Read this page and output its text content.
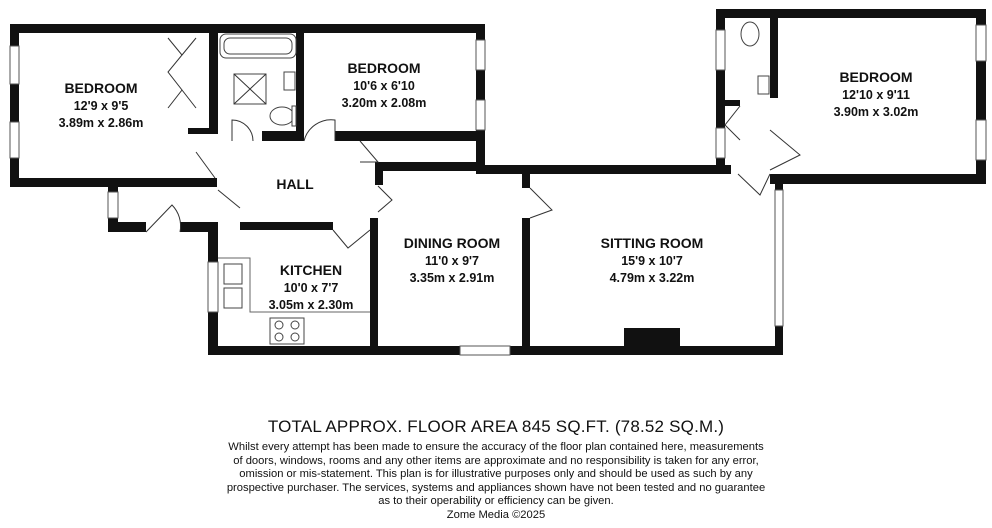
BEDROOM
12'9 x 9'5
3.89m x 2.86m
BEDROOM
10'6 x 6'10
3.20m x 2.08m
BEDROOM
12'10 x 9'11
3.90m x 3.02m
HALL
KITCHEN
10'0 x 7'7
3.05m x 2.30m
DINING ROOM
11'0 x 9'7
3.35m x 2.91m
SITTING ROOM
15'9 x 10'7
4.79m x 3.22m
TOTAL APPROX. FLOOR AREA 845 SQ.FT. (78.52 SQ.M.)
Whilst every attempt has been made to ensure the accuracy of the floor plan contained here, measurements
of doors, windows, rooms and any other items are approximate and no responsibility is taken for any error,
omission or mis-statement. This plan is for illustrative purposes only and should be used as such by any
prospective purchaser. The services, systems and appliances shown have not been tested and no guarantee
as to their operability or efficiency can be given.
Zome Media ©2025
